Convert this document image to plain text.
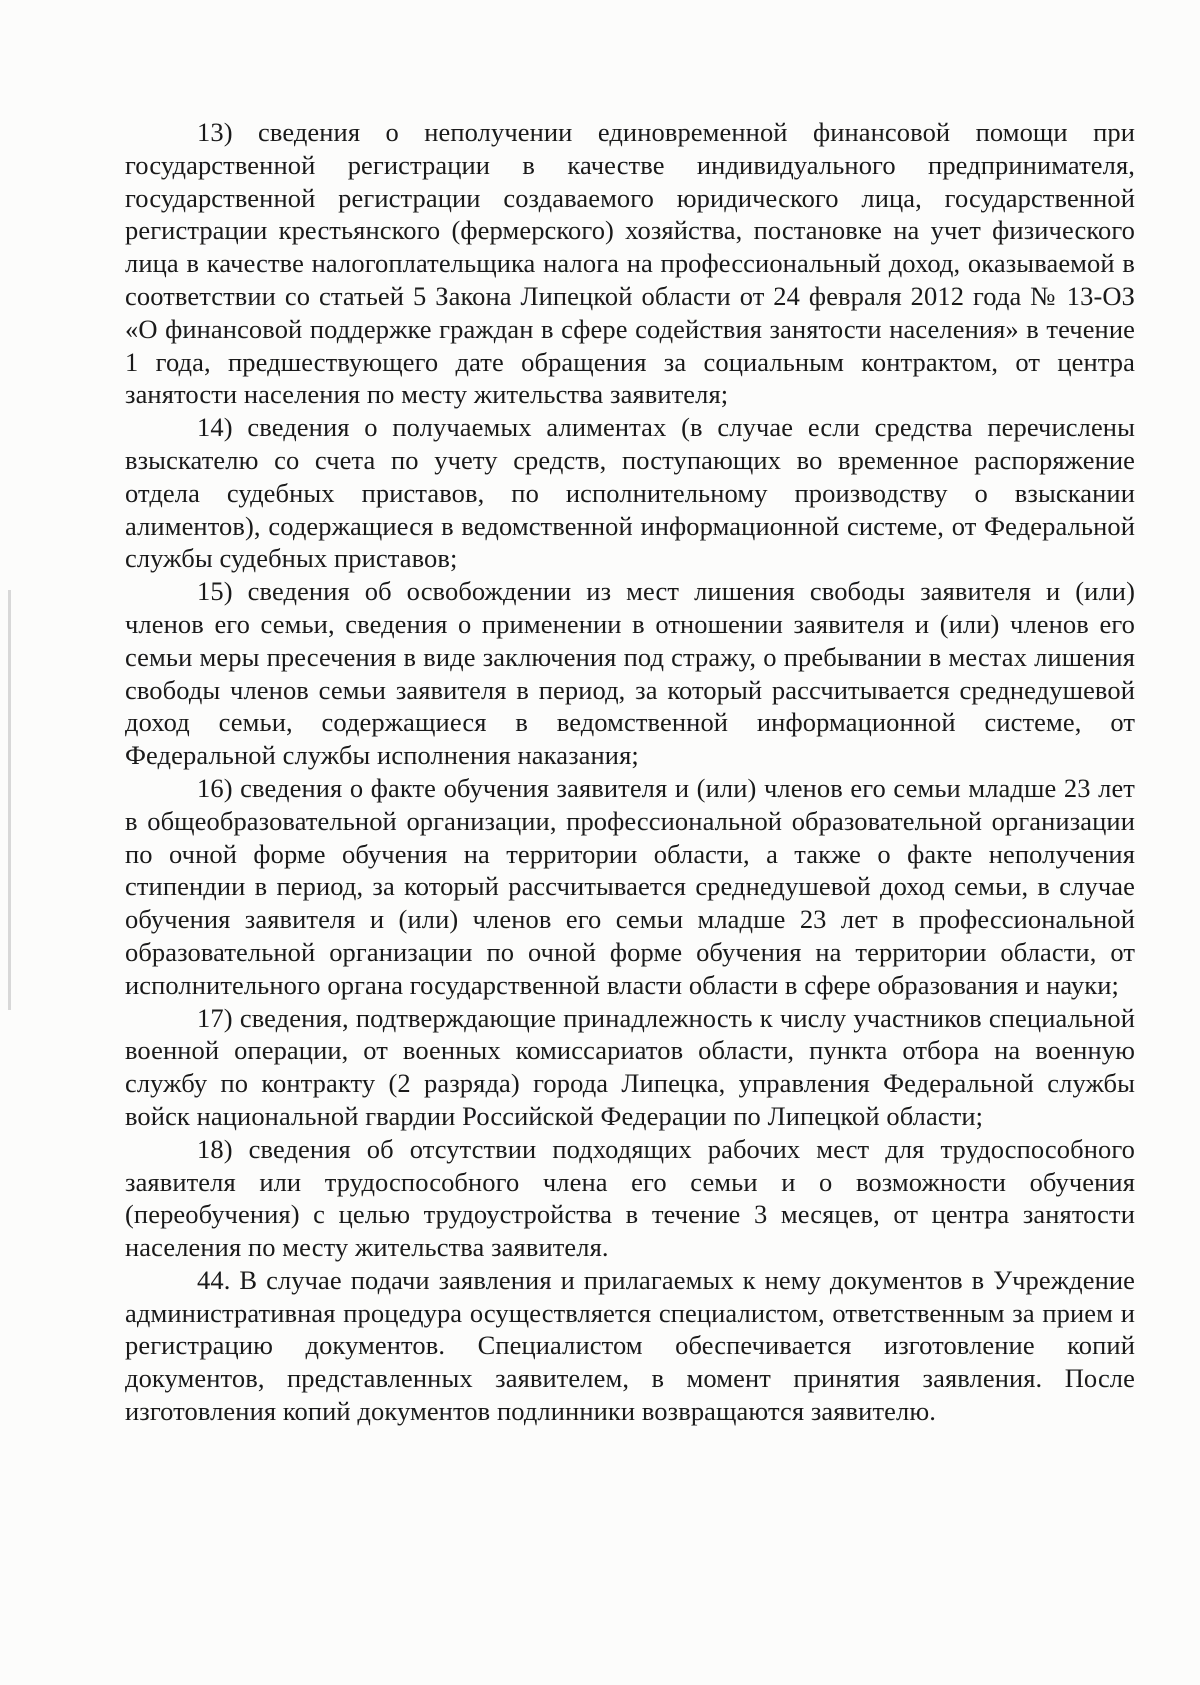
13) сведения о неполучении единовременной финансовой помощи при государственной регистрации в качестве индивидуального предпринимателя, государственной регистрации создаваемого юридического лица, государственной регистрации крестьянского (фермерского) хозяйства, постановке на учет физического лица в качестве налогоплательщика налога на профессиональный доход, оказываемой в соответствии со статьей 5 Закона Липецкой области от 24 февраля 2012 года № 13-ОЗ «О финансовой поддержке граждан в сфере содействия занятости населения» в течение 1 года, предшествующего дате обращения за социальным контрактом, от центра занятости населения по месту жительства заявителя;

14) сведения о получаемых алиментах (в случае если средства перечислены взыскателю со счета по учету средств, поступающих во временное распоряжение отдела судебных приставов, по исполнительному производству о взыскании алиментов), содержащиеся в ведомственной информационной системе, от Федеральной службы судебных приставов;

15) сведения об освобождении из мест лишения свободы заявителя и (или) членов его семьи, сведения о применении в отношении заявителя и (или) членов его семьи меры пресечения в виде заключения под стражу, о пребывании в местах лишения свободы членов семьи заявителя в период, за который рассчитывается среднедушевой доход семьи, содержащиеся в ведомственной информационной системе, от Федеральной службы исполнения наказания;

16) сведения о факте обучения заявителя и (или) членов его семьи младше 23 лет в общеобразовательной организации, профессиональной образовательной организации по очной форме обучения на территории области, а также о факте неполучения стипендии в период, за который рассчитывается среднедушевой доход семьи, в случае обучения заявителя и (или) членов его семьи младше 23 лет в профессиональной образовательной организации по очной форме обучения на территории области, от исполнительного органа государственной власти области в сфере образования и науки;

17) сведения, подтверждающие принадлежность к числу участников специальной военной операции, от военных комиссариатов области, пункта отбора на военную службу по контракту (2 разряда) города Липецка, управления Федеральной службы войск национальной гвардии Российской Федерации по Липецкой области;

18) сведения об отсутствии подходящих рабочих мест для трудоспособного заявителя или трудоспособного члена его семьи и о возможности обучения (переобучения) с целью трудоустройства в течение 3 месяцев, от центра занятости населения по месту жительства заявителя.

44. В случае подачи заявления и прилагаемых к нему документов в Учреждение административная процедура осуществляется специалистом, ответственным за прием и регистрацию документов. Специалистом обеспечивается изготовление копий документов, представленных заявителем, в момент принятия заявления. После изготовления копий документов подлинники возвращаются заявителю.
